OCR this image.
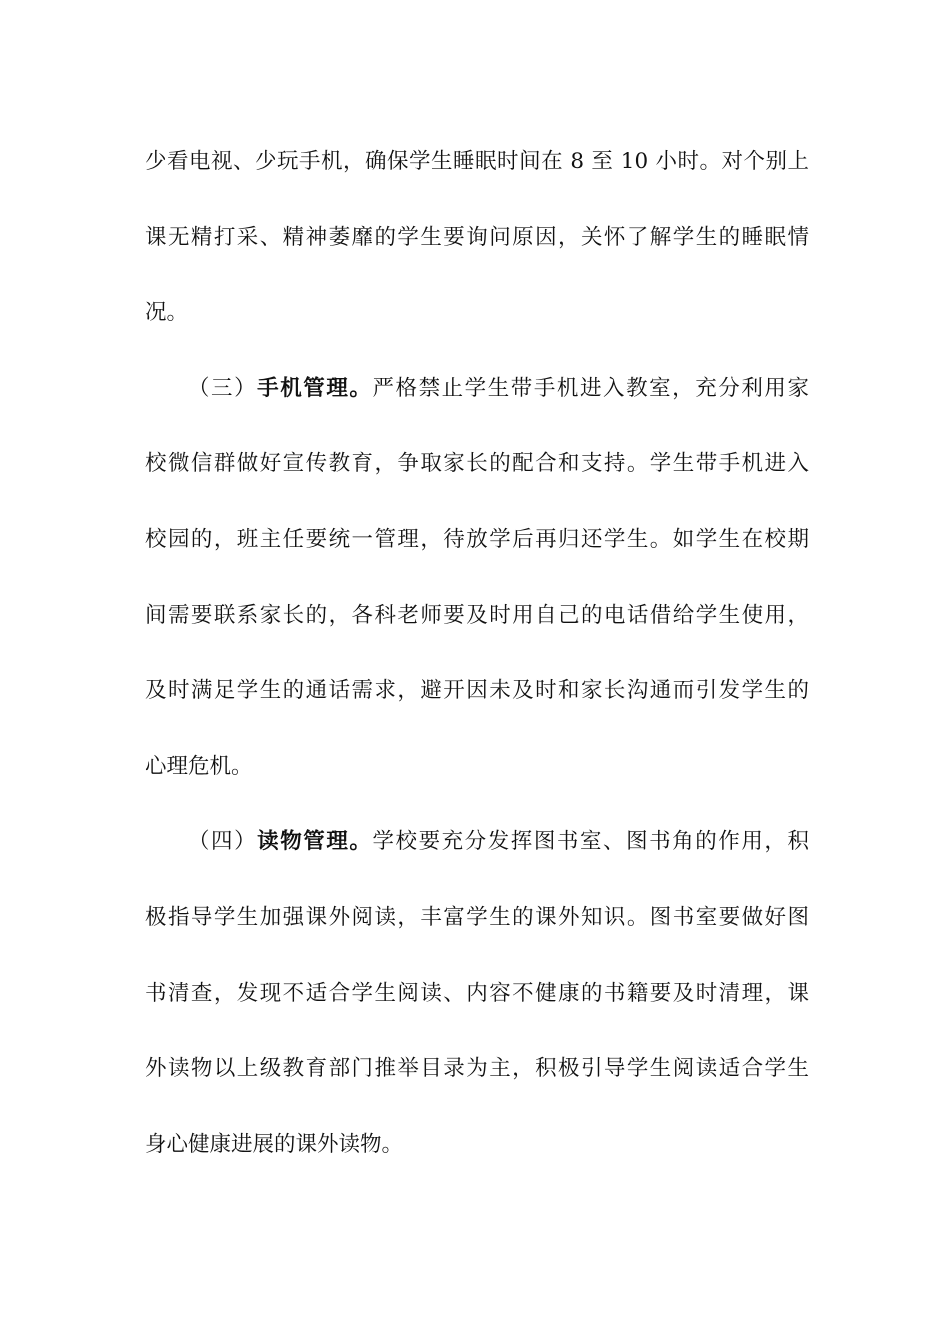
少看电视、少玩手机，确保学生睡眠时间在 8 至 10 小时。对个别上
课无精打采、精神萎靡的学生要询问原因，关怀了解学生的睡眠情
况。
（三）手机管理。严格禁止学生带手机进入教室，充分利用家
校微信群做好宣传教育，争取家长的配合和支持。学生带手机进入
校园的，班主任要统一管理，待放学后再归还学生。如学生在校期
间需要联系家长的，各科老师要及时用自己的电话借给学生使用，
及时满足学生的通话需求，避开因未及时和家长沟通而引发学生的
心理危机。
（四）读物管理。学校要充分发挥图书室、图书角的作用，积
极指导学生加强课外阅读，丰富学生的课外知识。图书室要做好图
书清查，发现不适合学生阅读、内容不健康的书籍要及时清理，课
外读物以上级教育部门推举目录为主，积极引导学生阅读适合学生
身心健康进展的课外读物。
